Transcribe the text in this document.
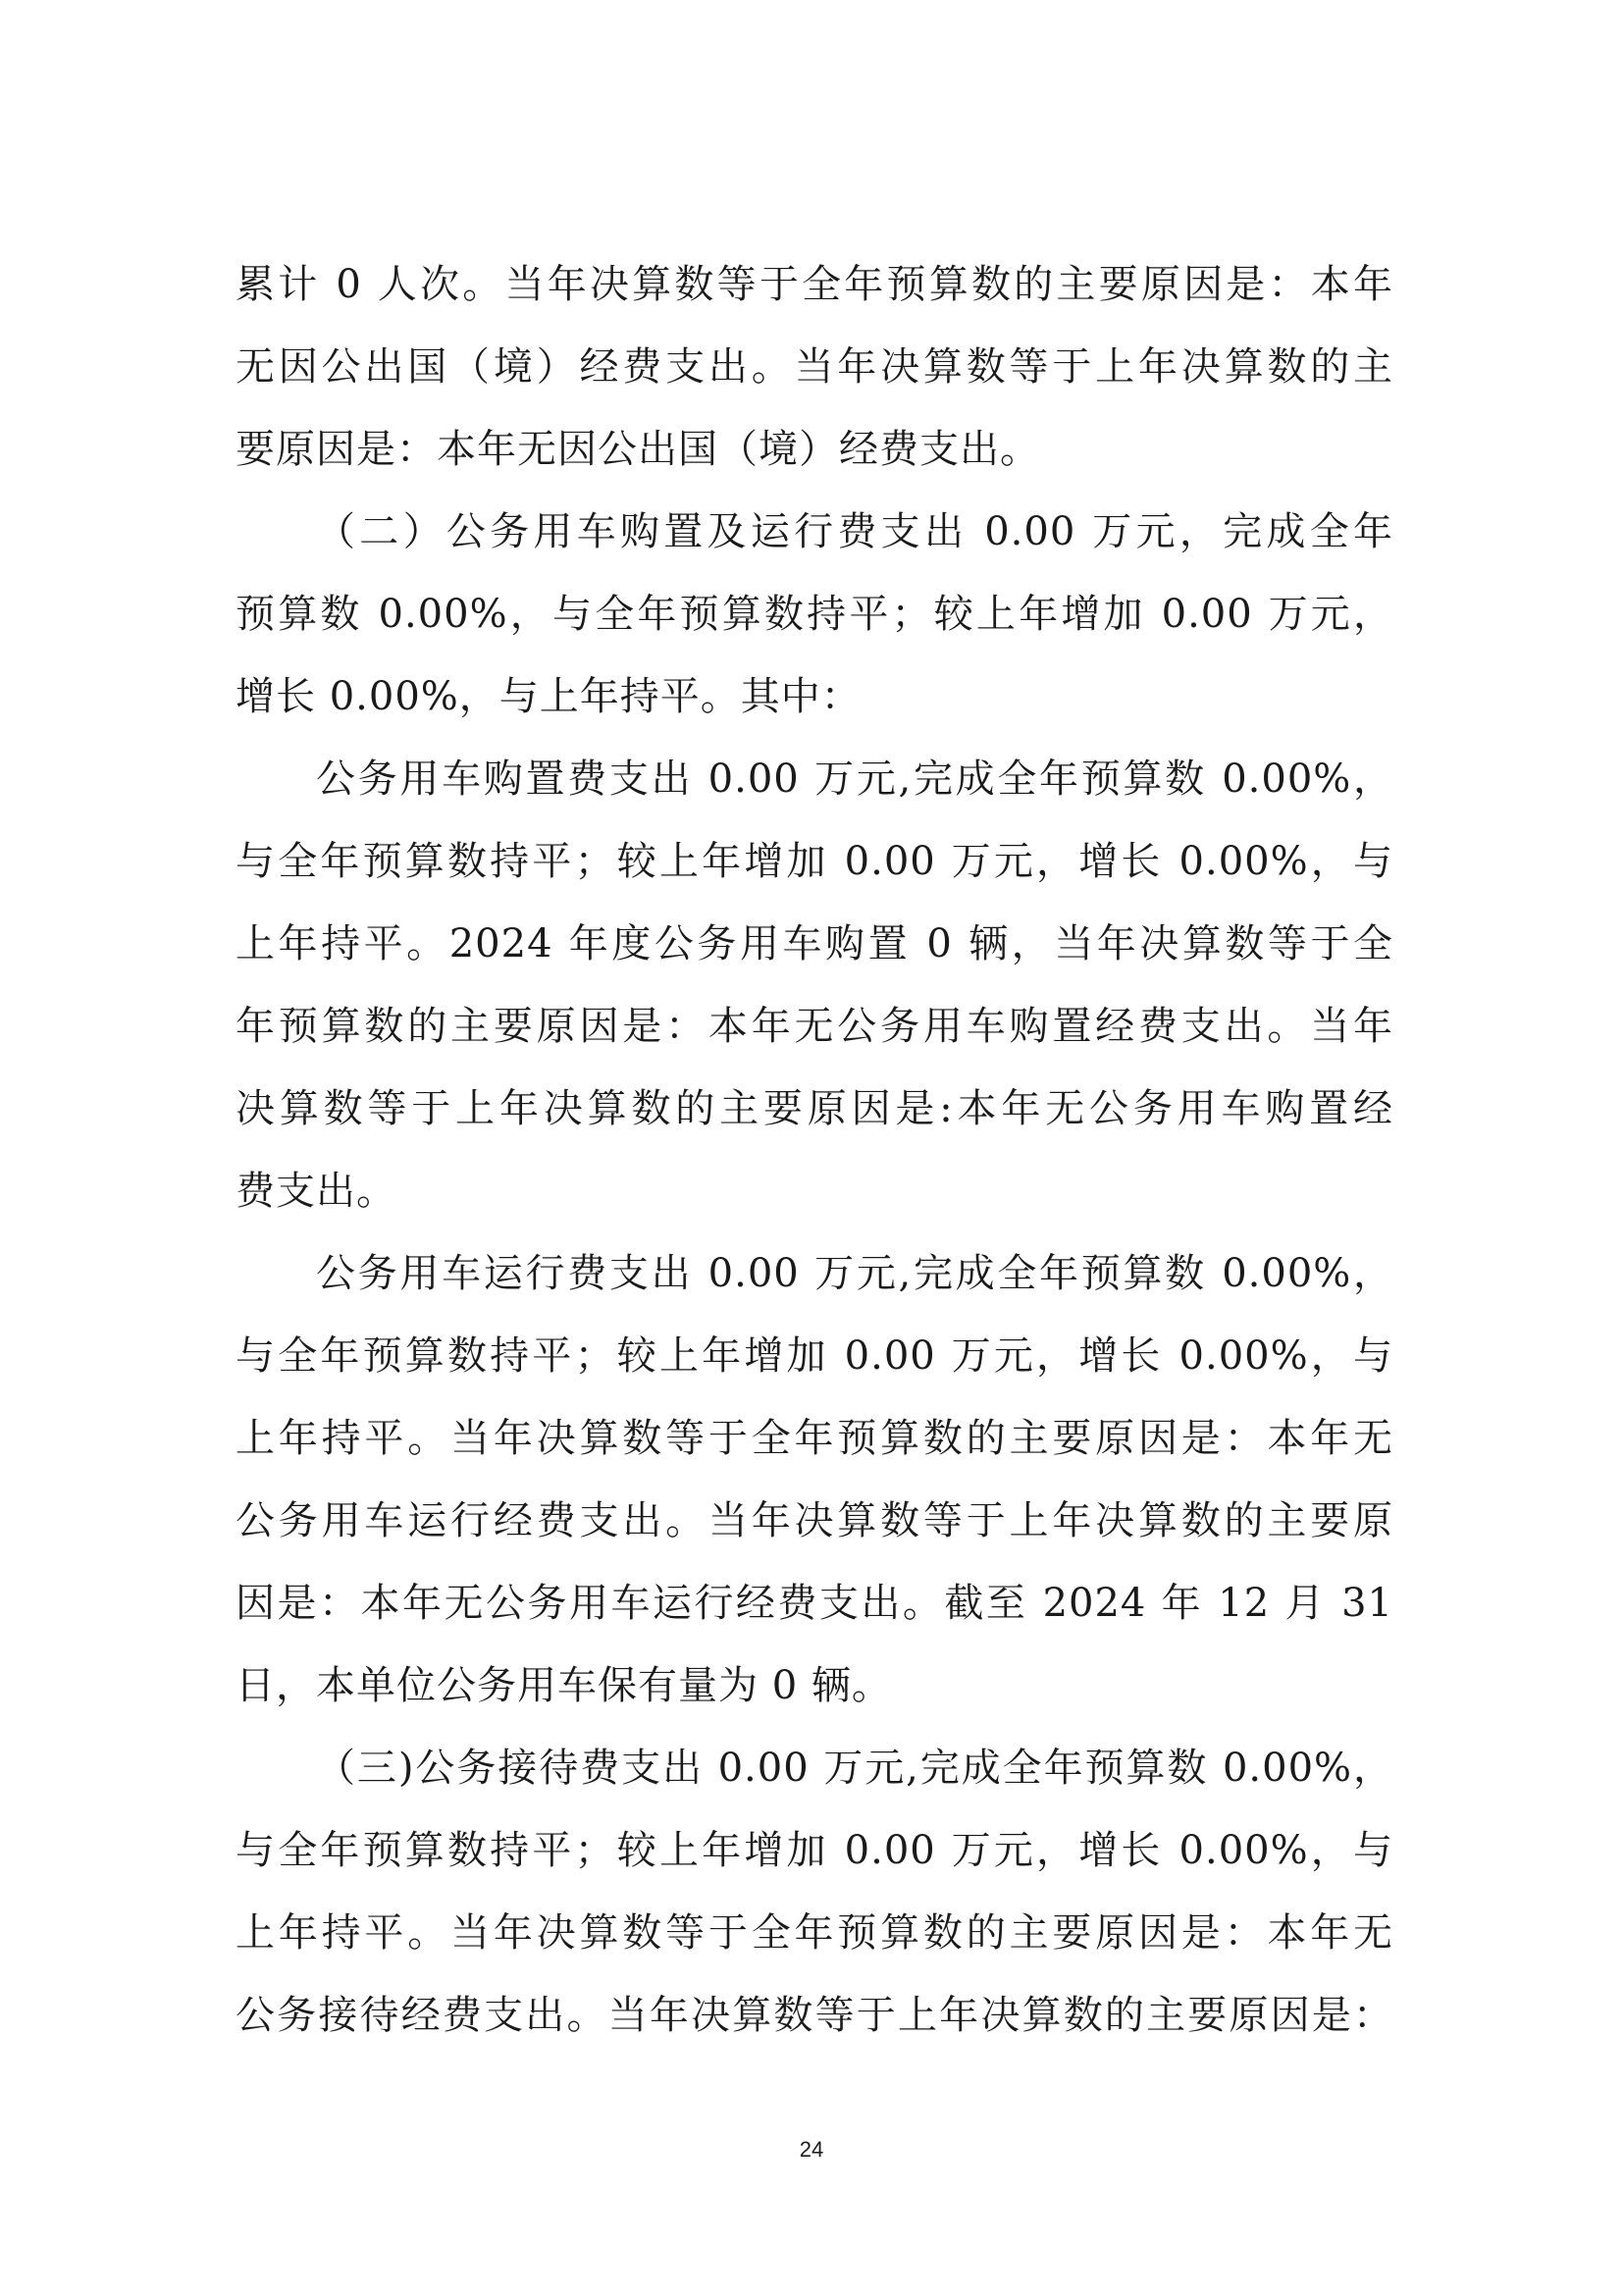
累计 0 人次。当年决算数等于全年预算数的主要原因是：本年
无因公出国（境）经费支出。当年决算数等于上年决算数的主
要原因是：本年无因公出国（境）经费支出。
（二）公务用车购置及运行费支出 0.00 万元，完成全年
预算数 0.00%，与全年预算数持平；较上年增加 0.00 万元，
增长 0.00%，与上年持平。其中：
公务用车购置费支出 0.00 万元,完成全年预算数 0.00%，
与全年预算数持平；较上年增加 0.00 万元，增长 0.00%，与
上年持平。2024 年度公务用车购置 0 辆，当年决算数等于全
年预算数的主要原因是：本年无公务用车购置经费支出。当年
决算数等于上年决算数的主要原因是:本年无公务用车购置经
费支出。
公务用车运行费支出 0.00 万元,完成全年预算数 0.00%，
与全年预算数持平；较上年增加 0.00 万元，增长 0.00%，与
上年持平。当年决算数等于全年预算数的主要原因是：本年无
公务用车运行经费支出。当年决算数等于上年决算数的主要原
因是：本年无公务用车运行经费支出。截至 2024 年 12 月 31
日，本单位公务用车保有量为 0 辆。
（三)公务接待费支出 0.00 万元,完成全年预算数 0.00%，
与全年预算数持平；较上年增加 0.00 万元，增长 0.00%，与
上年持平。当年决算数等于全年预算数的主要原因是：本年无
公务接待经费支出。当年决算数等于上年决算数的主要原因是：
24
